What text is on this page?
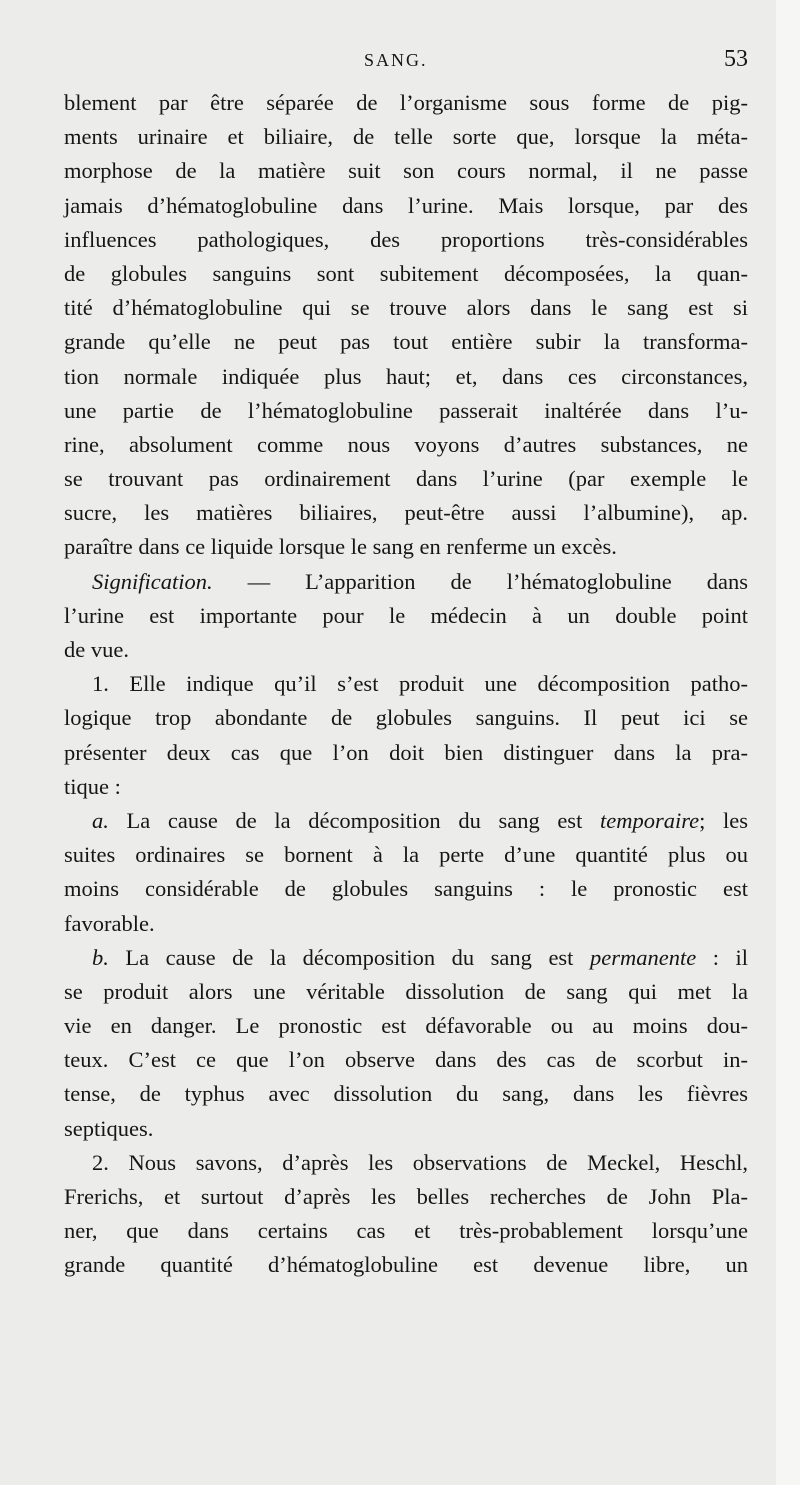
SANG.	53
blement par être séparée de l’organisme sous forme de pig-
ments urinaire et biliaire, de telle sorte que, lorsque la méta-
morphose de la matière suit son cours normal, il ne passe
jamais d’hématoglobuline dans l’urine. Mais lorsque, par des
influences pathologiques, des proportions très-considérables
de globules sanguins sont subitement décomposées, la quan-
tité d’hématoglobuline qui se trouve alors dans le sang est si
grande qu’elle ne peut pas tout entière subir la transforma-
tion normale indiquée plus haut; et, dans ces circonstances,
une partie de l’hématoglobuline passerait inaltérée dans l’u-
rine, absolument comme nous voyons d’autres substances, ne
se trouvant pas ordinairement dans l’urine (par exemple le
sucre, les matières biliaires, peut-être aussi l’albumine), ap.
paraître dans ce liquide lorsque le sang en renferme un excès.
Signification. — L’apparition de l’hématoglobuline dans
l’urine est importante pour le médecin à un double point
de vue.
1. Elle indique qu’il s’est produit une décomposition patho-
logique trop abondante de globules sanguins. Il peut ici se
présenter deux cas que l’on doit bien distinguer dans la pra-
tique :
a. La cause de la décomposition du sang est temporaire; les
suites ordinaires se bornent à la perte d’une quantité plus ou
moins considérable de globules sanguins : le pronostic est
favorable.
b. La cause de la décomposition du sang est permanente : il
se produit alors une véritable dissolution de sang qui met la
vie en danger. Le pronostic est défavorable ou au moins dou-
teux. C’est ce que l’on observe dans des cas de scorbut in-
tense, de typhus avec dissolution du sang, dans les fièvres
septiques.
2. Nous savons, d’après les observations de Meckel, Heschl,
Frerichs, et surtout d’après les belles recherches de John Pla-
ner, que dans certains cas et très-probablement lorsqu’une
grande quantité d’hématoglobuline est devenue libre, un
